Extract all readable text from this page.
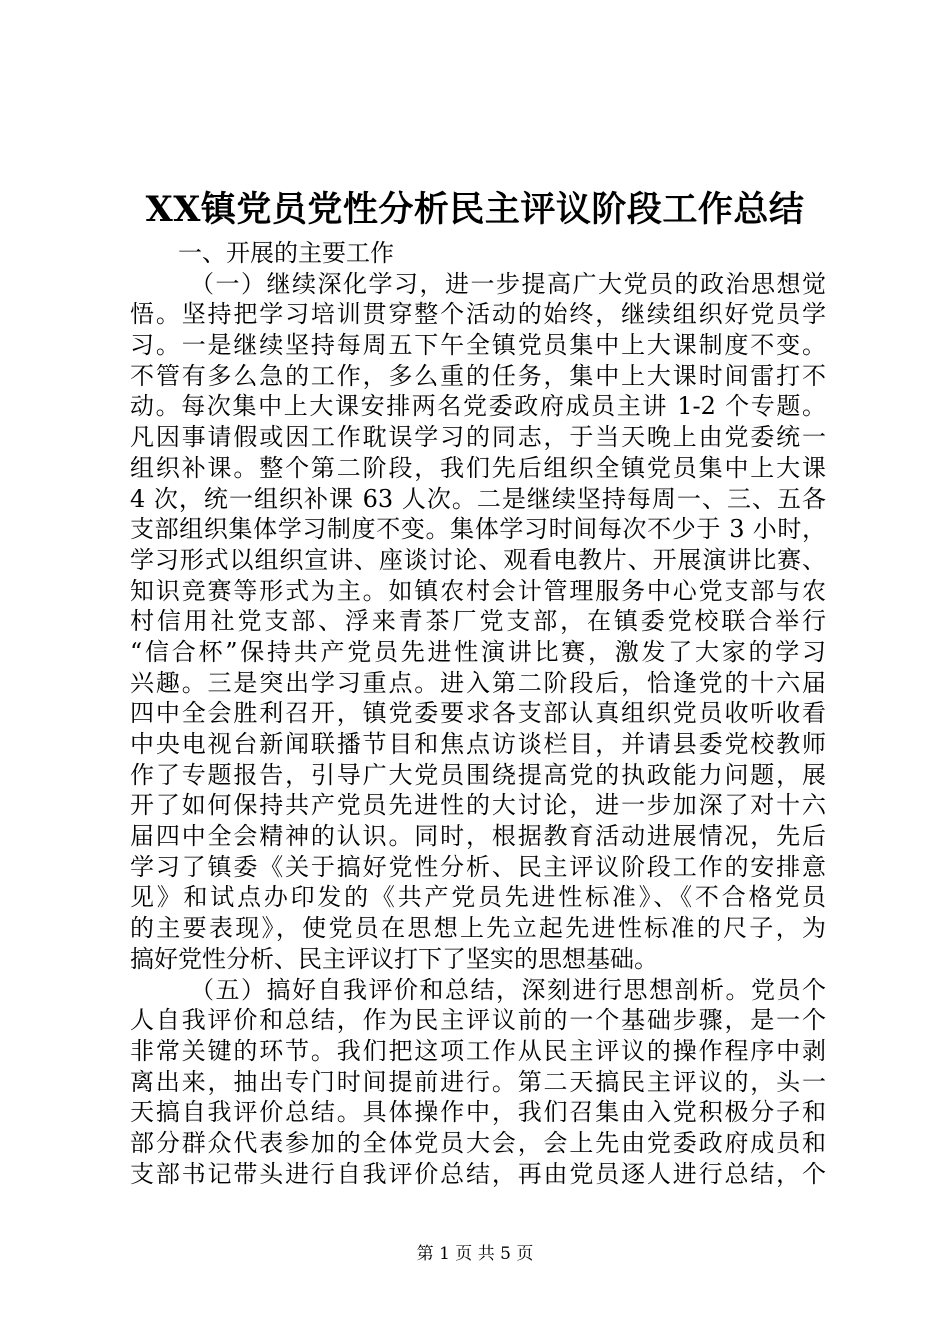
XX镇党员党性分析民主评议阶段工作总结
一、开展的主要工作
（一）继续深化学习，进一步提高广大党员的政治思想觉
悟。坚持把学习培训贯穿整个活动的始终，继续组织好党员学
习。一是继续坚持每周五下午全镇党员集中上大课制度不变。
不管有多么急的工作，多么重的任务，集中上大课时间雷打不
动。每次集中上大课安排两名党委政府成员主讲 1-2 个专题。
凡因事请假或因工作耽误学习的同志，于当天晚上由党委统一
组织补课。整个第二阶段，我们先后组织全镇党员集中上大课
4 次，统一组织补课 63 人次。二是继续坚持每周一、三、五各
支部组织集体学习制度不变。集体学习时间每次不少于 3 小时，
学习形式以组织宣讲、座谈讨论、观看电教片、开展演讲比赛、
知识竞赛等形式为主。如镇农村会计管理服务中心党支部与农
村信用社党支部、浮来青茶厂党支部，在镇委党校联合举行
“信合杯”保持共产党员先进性演讲比赛，激发了大家的学习
兴趣。三是突出学习重点。进入第二阶段后，恰逢党的十六届
四中全会胜利召开，镇党委要求各支部认真组织党员收听收看
中央电视台新闻联播节目和焦点访谈栏目，并请县委党校教师
作了专题报告，引导广大党员围绕提高党的执政能力问题，展
开了如何保持共产党员先进性的大讨论，进一步加深了对十六
届四中全会精神的认识。同时，根据教育活动进展情况，先后
学习了镇委《关于搞好党性分析、民主评议阶段工作的安排意
见》和试点办印发的《共产党员先进性标准》、《不合格党员
的主要表现》，使党员在思想上先立起先进性标准的尺子，为
搞好党性分析、民主评议打下了坚实的思想基础。
（五）搞好自我评价和总结，深刻进行思想剖析。党员个
人自我评价和总结，作为民主评议前的一个基础步骤，是一个
非常关键的环节。我们把这项工作从民主评议的操作程序中剥
离出来，抽出专门时间提前进行。第二天搞民主评议的，头一
天搞自我评价总结。具体操作中，我们召集由入党积极分子和
部分群众代表参加的全体党员大会，会上先由党委政府成员和
支部书记带头进行自我评价总结，再由党员逐人进行总结，个
第 1 页 共 5 页
